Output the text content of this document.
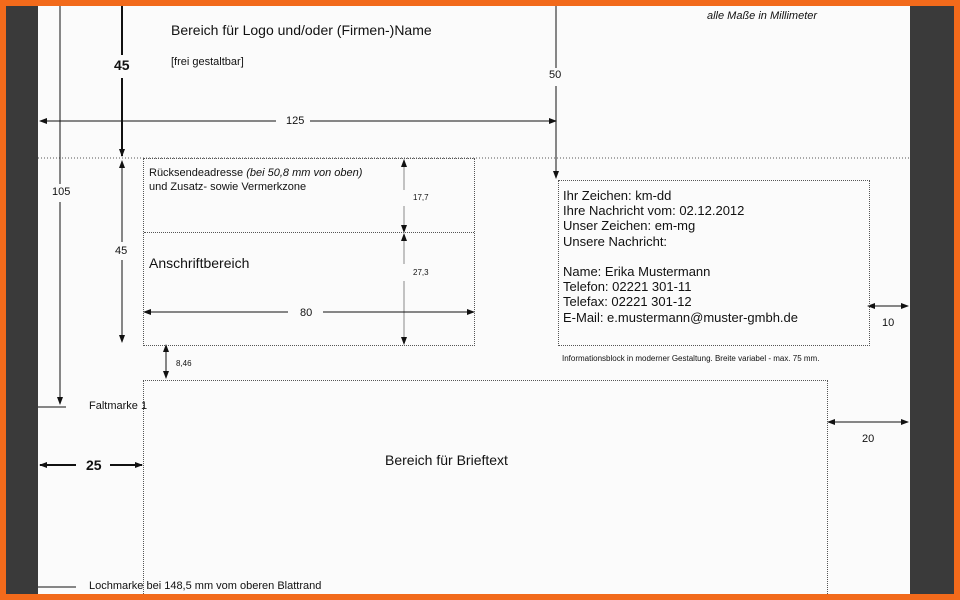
alle Maße in Millimeter
Bereich für Logo und/oder (Firmen-)Name
[frei gestaltbar]
45
50
125
105
45
17,7
27,3
80
8,46
10
20
25
Rücksendeadresse (bei 50,8 mm von oben)
und Zusatz- sowie Vermerkzone
Anschriftbereich
Ihr Zeichen: km-dd
Ihre Nachricht vom: 02.12.2012
Unser Zeichen: em-mg
Unsere Nachricht:
Name: Erika Mustermann
Telefon: 02221 301-11
Telefax: 02221 301-12
E-Mail: e.mustermann@muster-gmbh.de
Informationsblock in moderner Gestaltung. Breite variabel - max. 75 mm.
Bereich für Brieftext
Faltmarke 1
Lochmarke bei 148,5 mm vom oberen Blattrand
